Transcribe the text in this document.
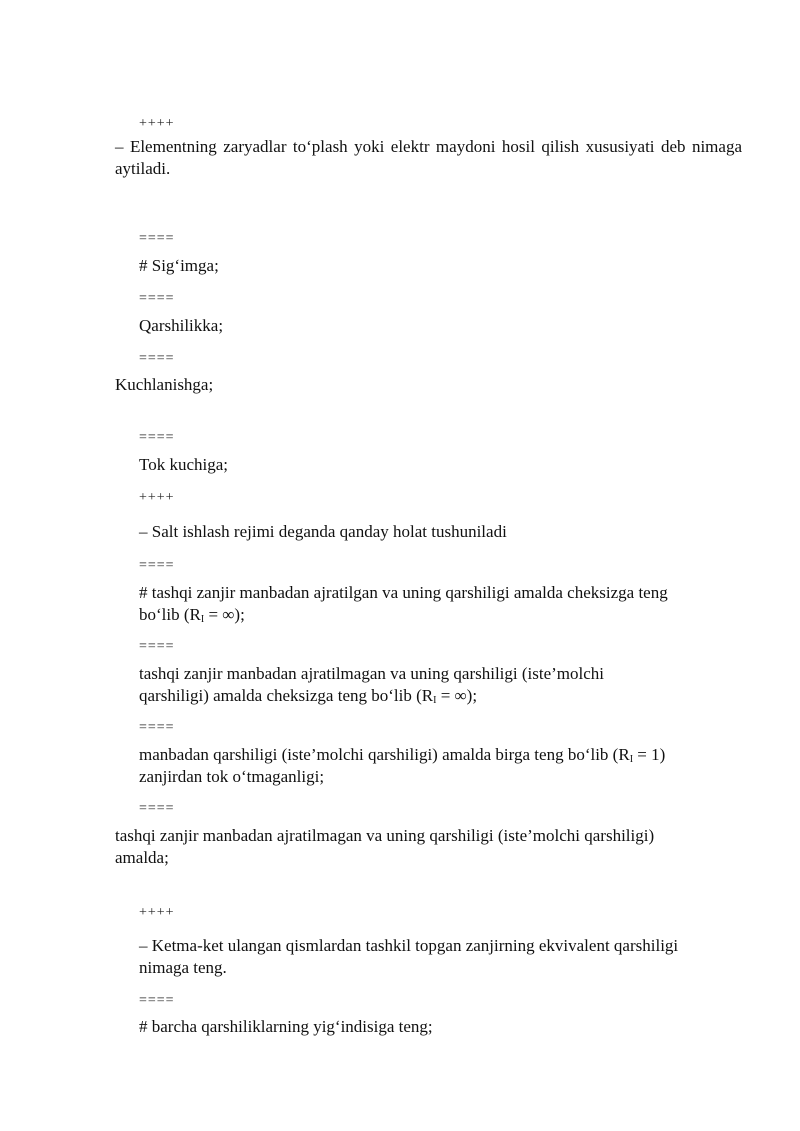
++++
– Elementning zaryadlar to‘plash yoki elektr maydoni hosil qilish xususiyati deb nimaga aytiladi.
====
# Sig‘imga;
====
Qarshilikka;
====
Kuchlanishga;
====
Tok kuchiga;
++++
– Salt ishlash rejimi deganda qanday holat tushuniladi
====
# tashqi zanjir manbadan ajratilgan va uning qarshiligi amalda cheksizga teng
bo‘lib ($R_I$ = ∞);
====
tashqi zanjir manbadan ajratilmagan va uning qarshiligi (iste’molchi
qarshiligi) amalda cheksizga teng bo‘lib ($R_I$ = ∞);
====
manbadan qarshiligi (iste’molchi qarshiligi) amalda birga teng bo‘lib $(R_I = 1)$
zanjirdan tok o‘tmaganligi;
====
tashqi zanjir manbadan ajratilmagan va uning qarshiligi (iste’molchi qarshiligi)
amalda;
++++
– Ketma-ket ulangan qismlardan tashkil topgan zanjirning ekvivalent qarshiligi
nimaga teng.
====
# barcha qarshiliklarning yig‘indisiga teng;
